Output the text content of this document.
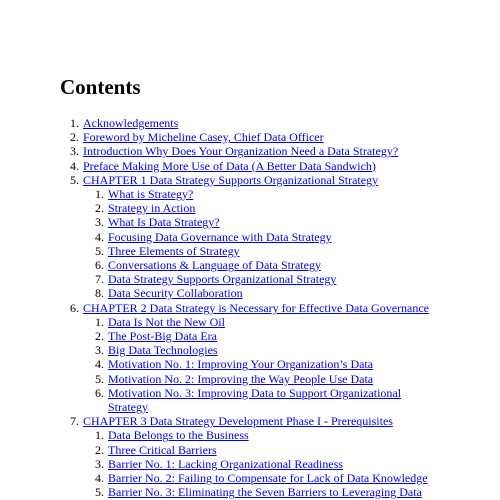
Contents
1. Acknowledgements
2. Foreword by Micheline Casey, Chief Data Officer
3. Introduction Why Does Your Organization Need a Data Strategy?
4. Preface Making More Use of Data (A Better Data Sandwich)
5. CHAPTER 1 Data Strategy Supports Organizational Strategy
1. What is Strategy?
2. Strategy in Action
3. What Is Data Strategy?
4. Focusing Data Governance with Data Strategy
5. Three Elements of Strategy
6. Conversations & Language of Data Strategy
7. Data Strategy Supports Organizational Strategy
8. Data Security Collaboration
6. CHAPTER 2 Data Strategy is Necessary for Effective Data Governance
1. Data Is Not the New Oil
2. The Post-Big Data Era
3. Big Data Technologies
4. Motivation No. 1: Improving Your Organization’s Data
5. Motivation No. 2: Improving the Way People Use Data
6. Motivation No. 3: Improving Data to Support Organizational Strategy
7. CHAPTER 3 Data Strategy Development Phase I - Prerequisites
1. Data Belongs to the Business
2. Three Critical Barriers
3. Barrier No. 1: Lacking Organizational Readiness
4. Barrier No. 2: Failing to Compensate for Lack of Data Knowledge
5. Barrier No. 3: Eliminating the Seven Barriers to Leveraging Data
